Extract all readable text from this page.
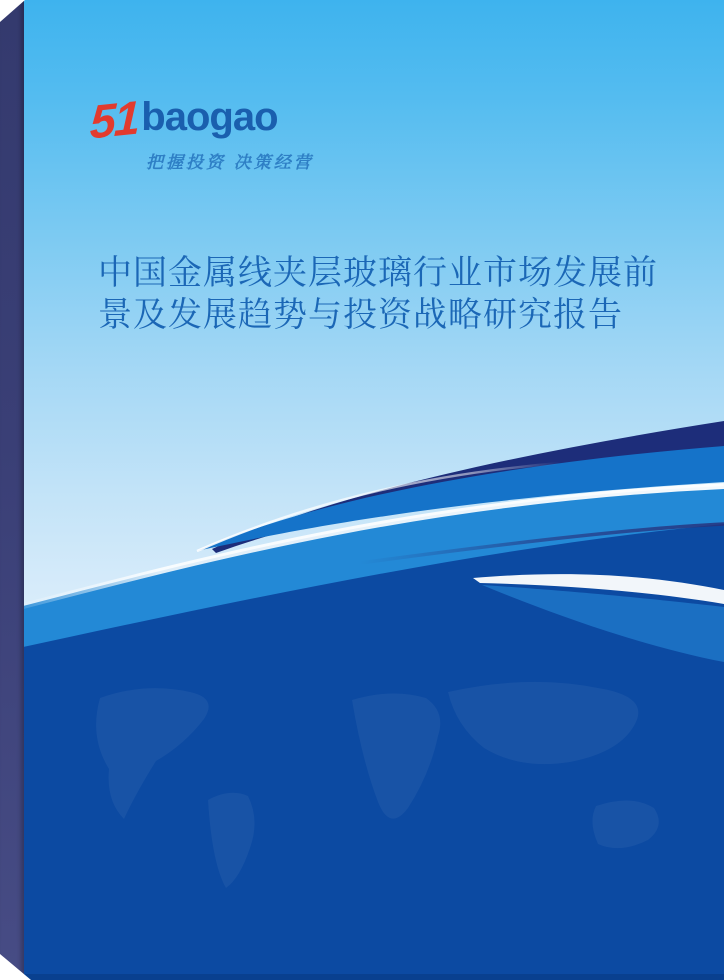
51 baogao
把握投资 决策经营
中国金属线夹层玻璃行业市场发展前
景及发展趋势与投资战略研究报告
